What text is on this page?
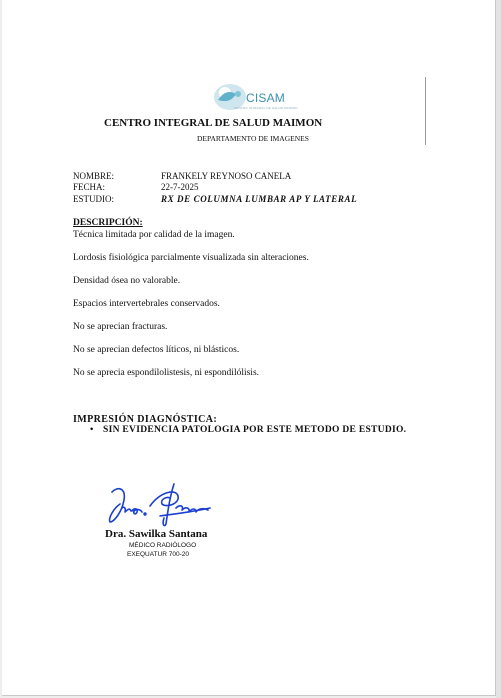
CISAM
CENTRO INTEGRAL DE SALUD MAIMON
CENTRO INTEGRAL DE SALUD MAIMON
DEPARTAMENTO DE IMAGENES
NOMBRE:	FRANKELY REYNOSO CANELA
FECHA:	22-7-2025
ESTUDIO:	RX DE COLUMNA LUMBAR AP Y LATERAL
DESCRIPCIÓN:
Técnica limitada por calidad de la imagen.
Lordosis fisiológica parcialmente visualizada sin alteraciones.
Densidad ósea no valorable.
Espacios intervertebrales conservados.
No se aprecian fracturas.
No se aprecian defectos líticos, ni blásticos.
No se aprecia espondilolistesis, ni espondilólisis.
IMPRESIÓN DIAGNÓSTICA:
• SIN EVIDENCIA PATOLOGIA POR ESTE METODO DE ESTUDIO.
Dra. Sawilka Santana
MÉDICO RADIÓLOGO
EXEQUATUR 700-20
